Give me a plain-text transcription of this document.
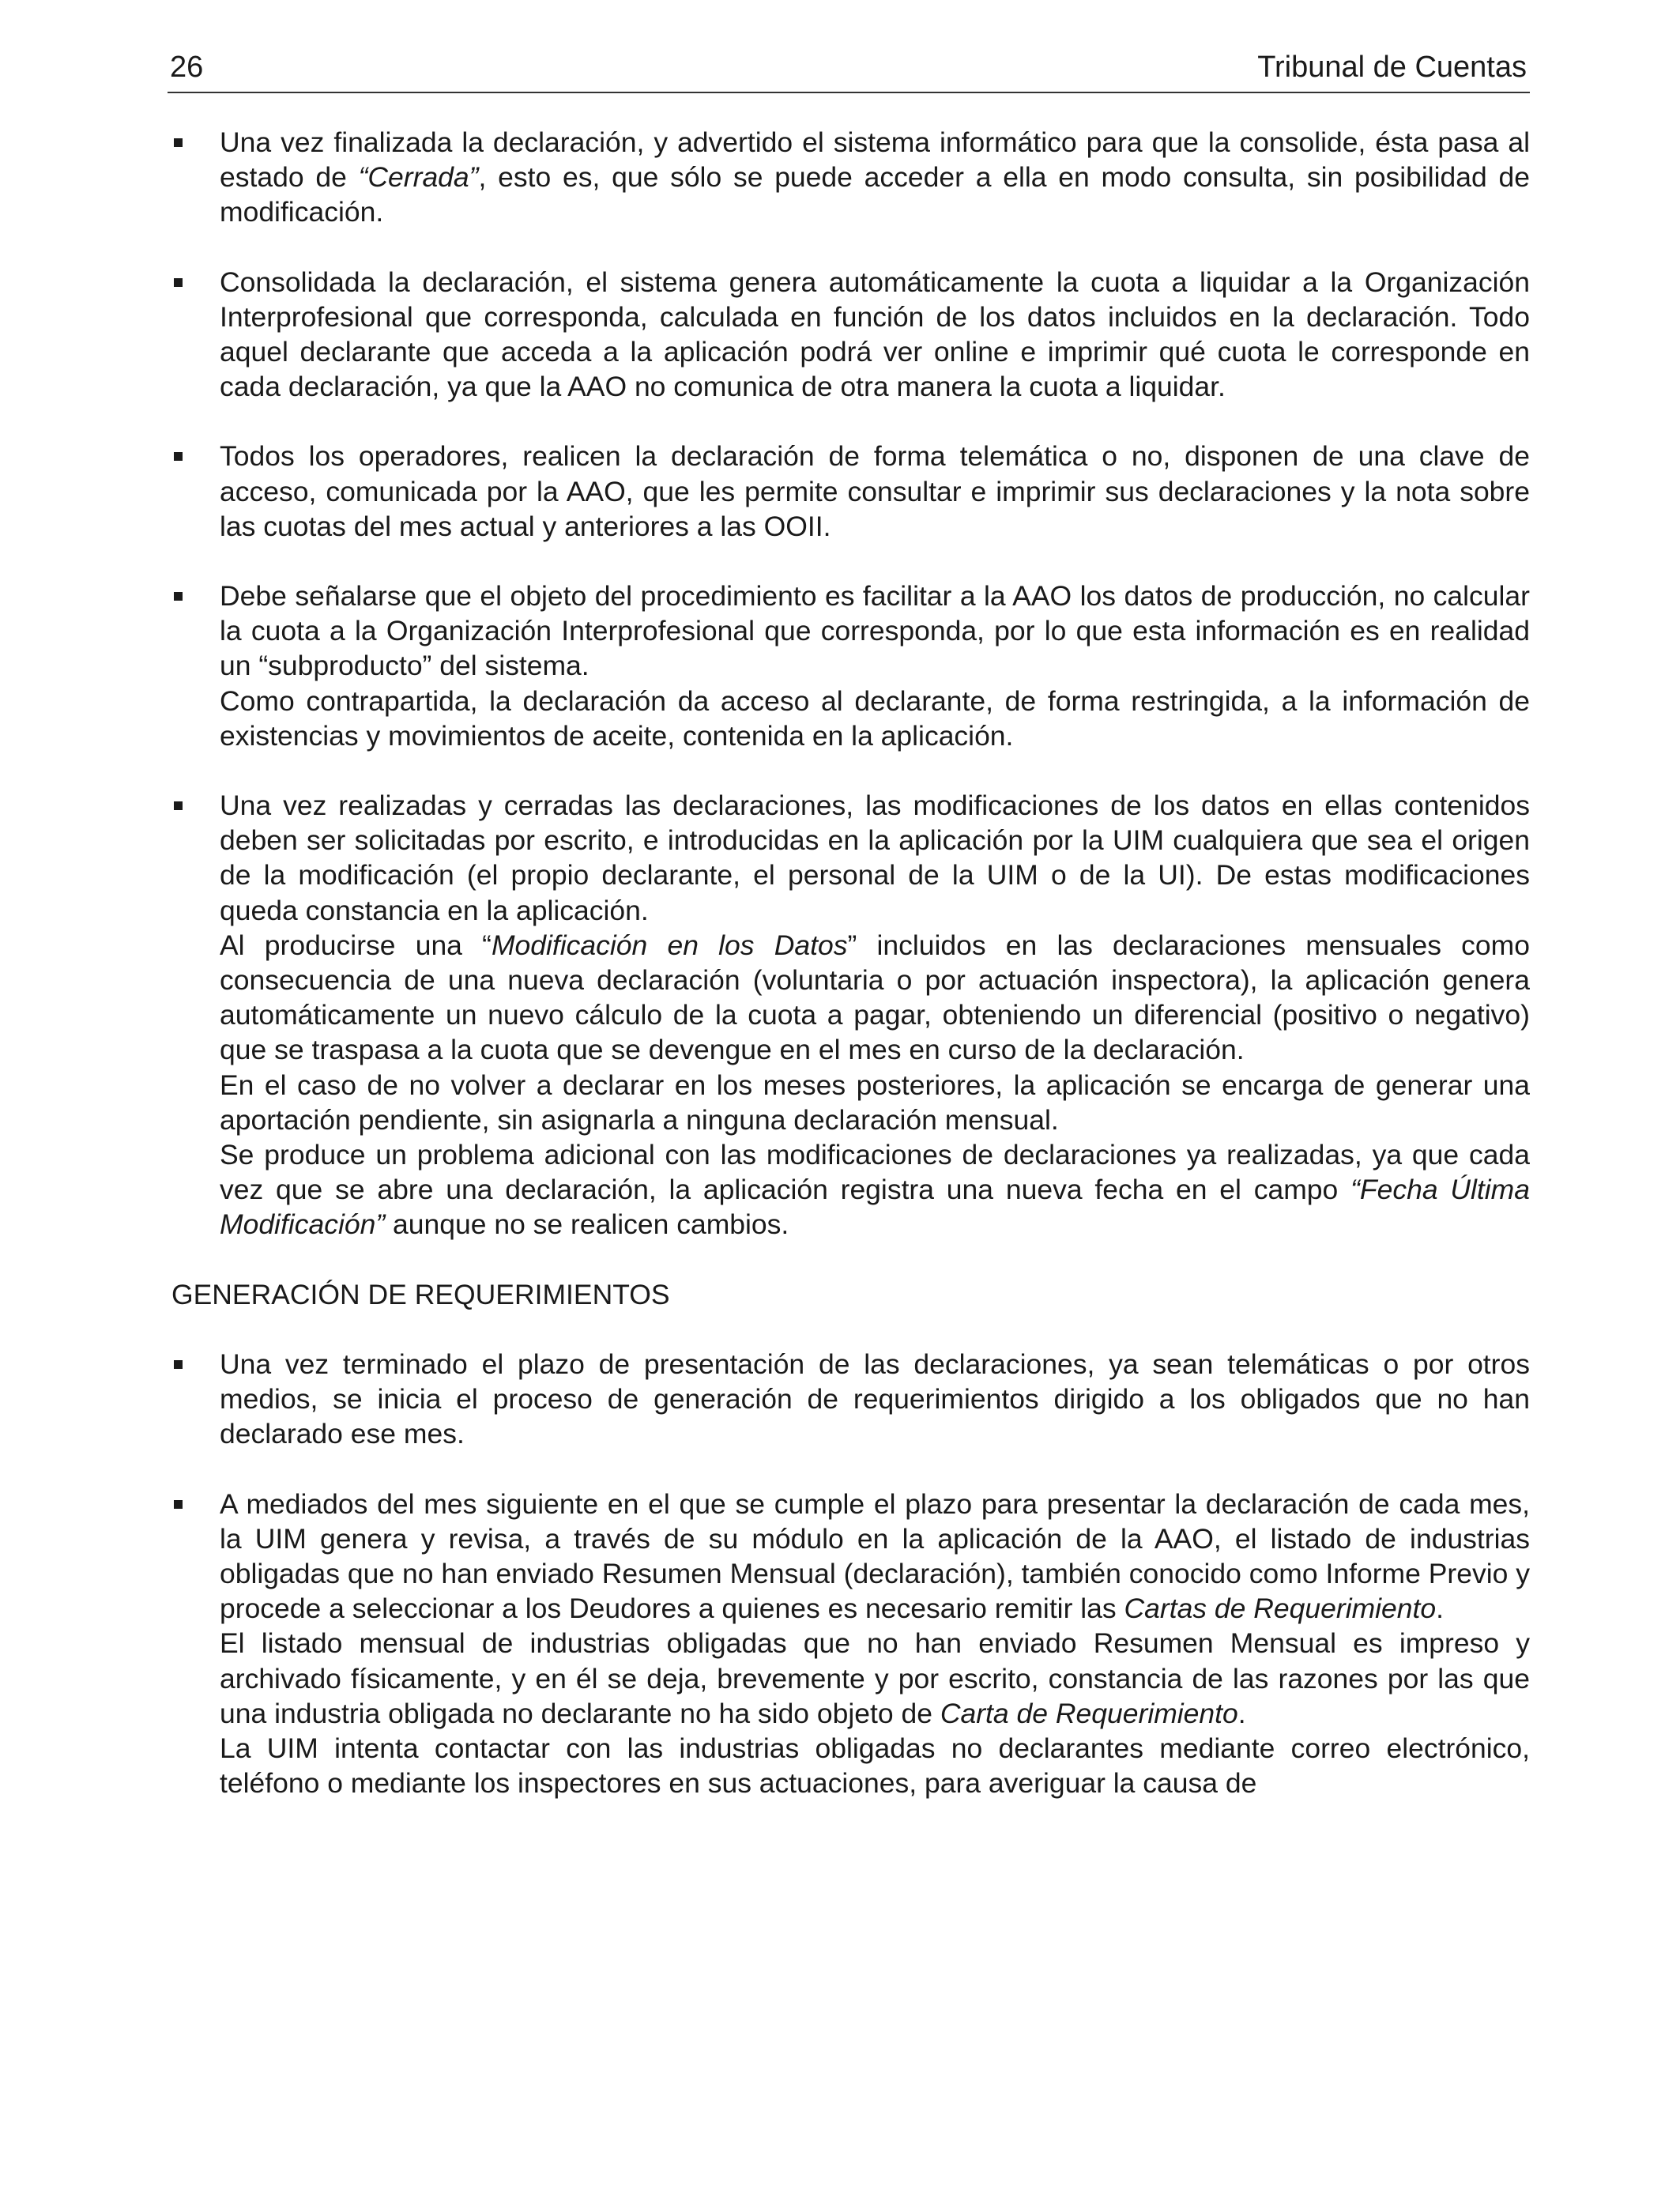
26	Tribunal de Cuentas

Una vez finalizada la declaración, y advertido el sistema informático para que la consolide, ésta pasa al estado de “Cerrada”, esto es, que sólo se puede acceder a ella en modo consulta, sin posibilidad de modificación.

Consolidada la declaración, el sistema genera automáticamente la cuota a liquidar a la Organización Interprofesional que corresponda, calculada en función de los datos incluidos en la declaración. Todo aquel declarante que acceda a la aplicación podrá ver online e imprimir qué cuota le corresponde en cada declaración, ya que la AAO no comunica de otra manera la cuota a liquidar.

Todos los operadores, realicen la declaración de forma telemática o no, disponen de una clave de acceso, comunicada por la AAO, que les permite consultar e imprimir sus declaraciones y la nota sobre las cuotas del mes actual y anteriores a las OOII.

Debe señalarse que el objeto del procedimiento es facilitar a la AAO los datos de producción, no calcular la cuota a la Organización Interprofesional que corresponda, por lo que esta información es en realidad un “subproducto” del sistema.

Como contrapartida, la declaración da acceso al declarante, de forma restringida, a la información de existencias y movimientos de aceite, contenida en la aplicación.

Una vez realizadas y cerradas las declaraciones, las modificaciones de los datos en ellas contenidos deben ser solicitadas por escrito, e introducidas en la aplicación por la UIM cualquiera que sea el origen de la modificación (el propio declarante, el personal de la UIM o de la UI). De estas modificaciones queda constancia en la aplicación.

Al producirse una “Modificación en los Datos” incluidos en las declaraciones mensuales como consecuencia de una nueva declaración (voluntaria o por actuación inspectora), la aplicación genera automáticamente un nuevo cálculo de la cuota a pagar, obteniendo un diferencial (positivo o negativo) que se traspasa a la cuota que se devengue en el mes en curso de la declaración.

En el caso de no volver a declarar en los meses posteriores, la aplicación se encarga de generar una aportación pendiente, sin asignarla a ninguna declaración mensual.

Se produce un problema adicional con las modificaciones de declaraciones ya realizadas, ya que cada vez que se abre una declaración, la aplicación registra una nueva fecha en el campo “Fecha Última Modificación” aunque no se realicen cambios.

GENERACIÓN DE REQUERIMIENTOS

Una vez terminado el plazo de presentación de las declaraciones, ya sean telemáticas o por otros medios, se inicia el proceso de generación de requerimientos dirigido a los obligados que no han declarado ese mes.

A mediados del mes siguiente en el que se cumple el plazo para presentar la declaración de cada mes, la UIM genera y revisa, a través de su módulo en la aplicación de la AAO, el listado de industrias obligadas que no han enviado Resumen Mensual (declaración), también conocido como Informe Previo y procede a seleccionar a los Deudores a quienes es necesario remitir las Cartas de Requerimiento.

El listado mensual de industrias obligadas que no han enviado Resumen Mensual es impreso y archivado físicamente, y en él se deja, brevemente y por escrito, constancia de las razones por las que una industria obligada no declarante no ha sido objeto de Carta de Requerimiento.

La UIM intenta contactar con las industrias obligadas no declarantes mediante correo electrónico, teléfono o mediante los inspectores en sus actuaciones, para averiguar la causa de
